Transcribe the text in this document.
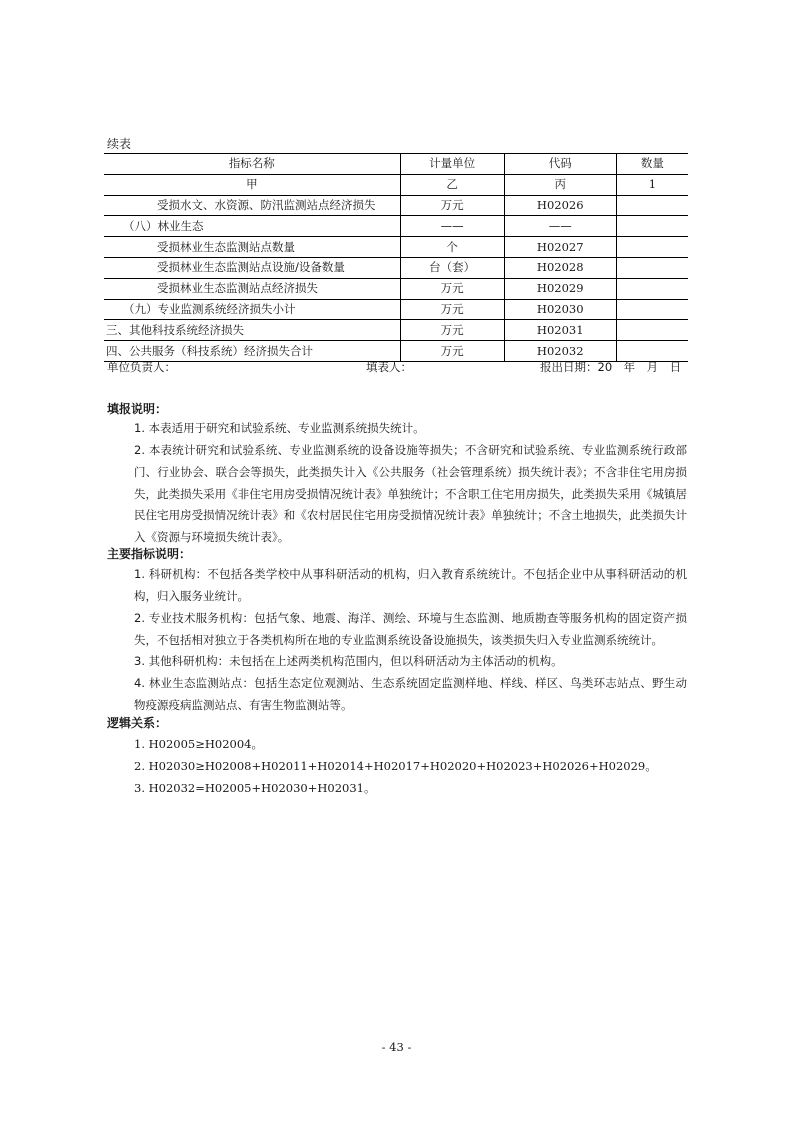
续表
指标名称	计量单位	代码	数量
甲	乙	丙	1
受损水文、水资源、防汛监测站点经济损失	万元	H02026	
（八）林业生态	——	——	
受损林业生态监测站点数量	个	H02027	
受损林业生态监测站点设施/设备数量	台（套）	H02028	
受损林业生态监测站点经济损失	万元	H02029	
（九）专业监测系统经济损失小计	万元	H02030	
三、其他科技系统经济损失	万元	H02031	
四、公共服务（科技系统）经济损失合计	万元	H02032	
单位负责人：	填表人：	报出日期：20　年　月　日
填报说明：
1. 本表适用于研究和试验系统、专业监测系统损失统计。
2. 本表统计研究和试验系统、专业监测系统的设备设施等损失；不含研究和试验系统、专业监测系统行政部门、行业协会、联合会等损失，此类损失计入《公共服务（社会管理系统）损失统计表》；不含非住宅用房损失，此类损失采用《非住宅用房受损情况统计表》单独统计；不含职工住宅用房损失，此类损失采用《城镇居民住宅用房受损情况统计表》和《农村居民住宅用房受损情况统计表》单独统计；不含土地损失，此类损失计入《资源与环境损失统计表》。
主要指标说明：
1. 科研机构：不包括各类学校中从事科研活动的机构，归入教育系统统计。不包括企业中从事科研活动的机构，归入服务业统计。
2. 专业技术服务机构：包括气象、地震、海洋、测绘、环境与生态监测、地质勘查等服务机构的固定资产损失，不包括相对独立于各类机构所在地的专业监测系统设备设施损失，该类损失归入专业监测系统统计。
3. 其他科研机构：未包括在上述两类机构范围内，但以科研活动为主体活动的机构。
4. 林业生态监测站点：包括生态定位观测站、生态系统固定监测样地、样线、样区、鸟类环志站点、野生动物疫源疫病监测站点、有害生物监测站等。
逻辑关系：
1. H02005≥H02004。
2. H02030≥H02008+H02011+H02014+H02017+H02020+H02023+H02026+H02029。
3. H02032=H02005+H02030+H02031。
- 43 -
